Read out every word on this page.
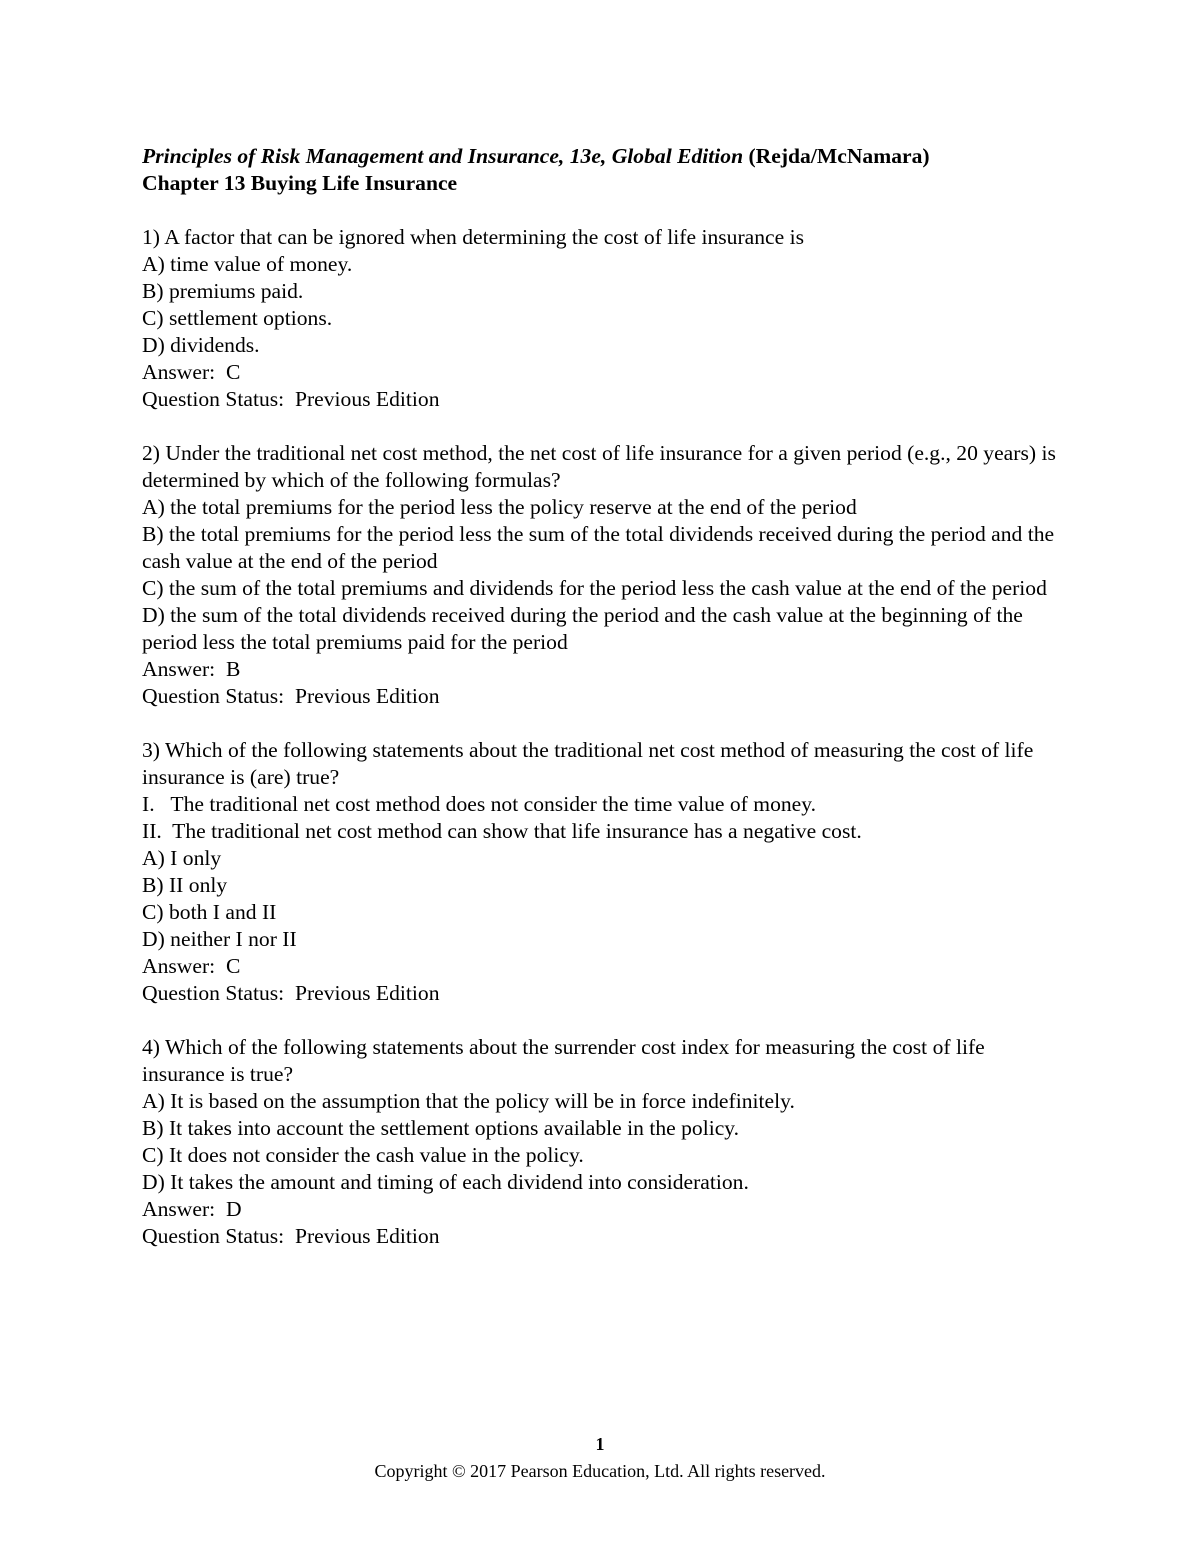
Principles of Risk Management and Insurance, 13e, Global Edition (Rejda/McNamara)
Chapter 13 Buying Life Insurance
1) A factor that can be ignored when determining the cost of life insurance is
A) time value of money.
B) premiums paid.
C) settlement options.
D) dividends.
Answer:  C
Question Status:  Previous Edition
2) Under the traditional net cost method, the net cost of life insurance for a given period (e.g., 20 years) is determined by which of the following formulas?
A) the total premiums for the period less the policy reserve at the end of the period
B) the total premiums for the period less the sum of the total dividends received during the period and the cash value at the end of the period
C) the sum of the total premiums and dividends for the period less the cash value at the end of the period
D) the sum of the total dividends received during the period and the cash value at the beginning of the period less the total premiums paid for the period
Answer:  B
Question Status:  Previous Edition
3) Which of the following statements about the traditional net cost method of measuring the cost of life insurance is (are) true?
I.   The traditional net cost method does not consider the time value of money.
II.  The traditional net cost method can show that life insurance has a negative cost.
A) I only
B) II only
C) both I and II
D) neither I nor II
Answer:  C
Question Status:  Previous Edition
4) Which of the following statements about the surrender cost index for measuring the cost of life insurance is true?
A) It is based on the assumption that the policy will be in force indefinitely.
B) It takes into account the settlement options available in the policy.
C) It does not consider the cash value in the policy.
D) It takes the amount and timing of each dividend into consideration.
Answer:  D
Question Status:  Previous Edition
1
Copyright © 2017 Pearson Education, Ltd. All rights reserved.
